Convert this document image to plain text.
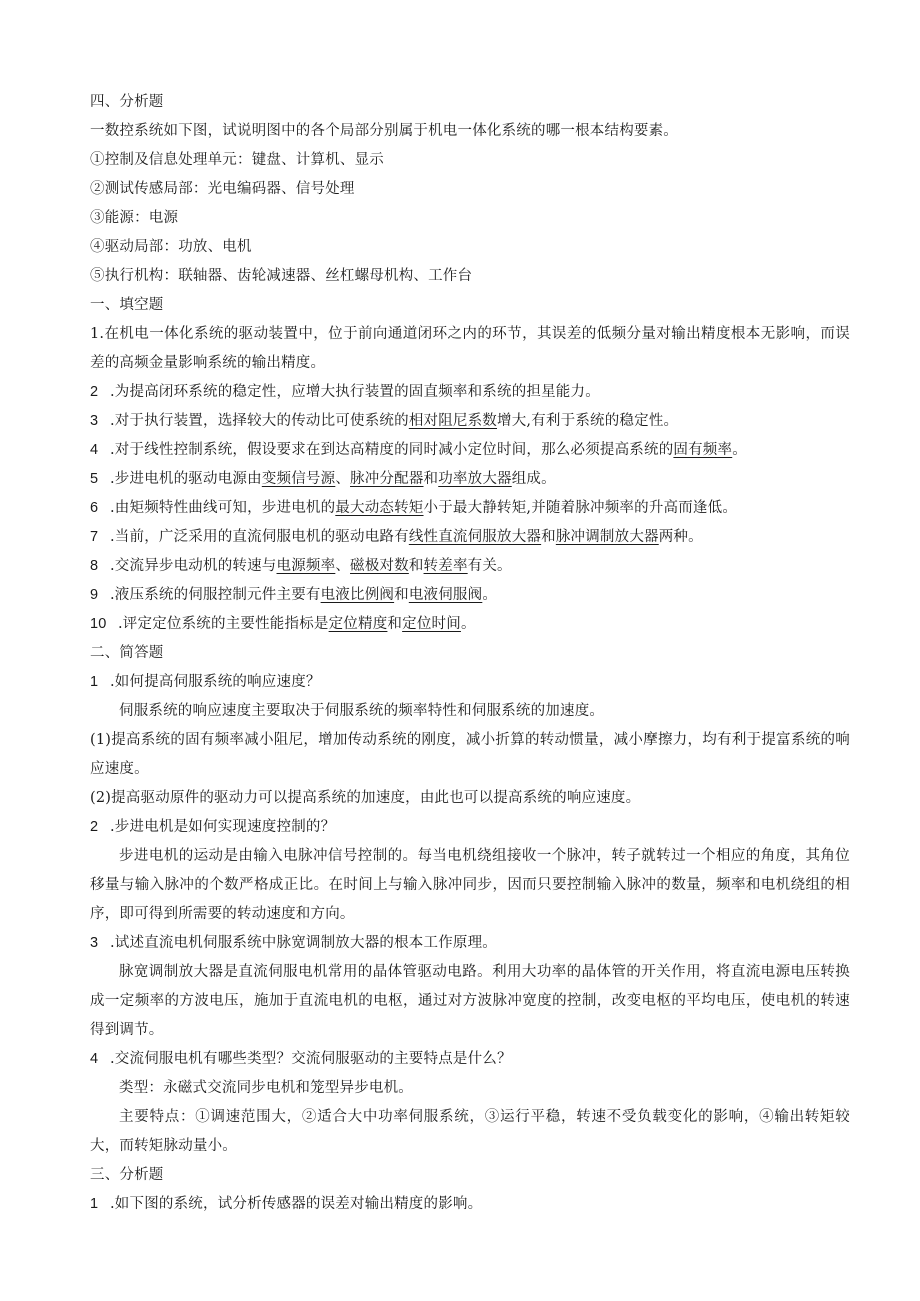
四、分析题
一数控系统如下图，试说明图中的各个局部分别属于机电一体化系统的哪一根本结构要素。
①控制及信息处理单元：键盘、计算机、显示
②测试传感局部：光电编码器、信号处理
③能源：电源
④驱动局部：功放、电机
⑤执行机构：联轴器、齿轮减速器、丝杠螺母机构、工作台
一、填空题
1.在机电一体化系统的驱动装置中，位于前向通道闭环之内的环节，其误差的低频分量对输出精度根本无影响，而误差的高频金量影响系统的输出精度。
2 .为提高闭环系统的稳定性，应增大执行装置的固直频率和系统的担星能力。
3 .对于执行装置，选择较大的传动比可使系统的相对阻尼系数增大,有利于系统的稳定性。
4 .对于线性控制系统，假设要求在到达高精度的同时减小定位时间，那么必须提高系统的固有频率。
5 .步进电机的驱动电源由变频信号源、脉冲分配器和功率放大器组成。
6 .由矩频特性曲线可知，步进电机的最大动态转矩小于最大静转矩,并随着脉冲频率的升高而逢低。
7 .当前，广泛采用的直流伺服电机的驱动电路有线性直流伺服放大器和脉冲调制放大器两种。
8 .交流异步电动机的转速与电源频率、磁极对数和转差率有关。
9 .液压系统的伺服控制元件主要有电液比例阀和电液伺服阀。
10 .评定定位系统的主要性能指标是定位精度和定位时间。
二、简答题
1 .如何提高伺服系统的响应速度？
伺服系统的响应速度主要取决于伺服系统的频率特性和伺服系统的加速度。
(1)提高系统的固有频率减小阻尼，增加传动系统的刚度，减小折算的转动惯量，减小摩擦力，均有利于提富系统的响应速度。
(2)提高驱动原件的驱动力可以提高系统的加速度，由此也可以提高系统的响应速度。
2 .步进电机是如何实现速度控制的？
步进电机的运动是由输入电脉冲信号控制的。每当电机绕组接收一个脉冲，转子就转过一个相应的角度，其角位移量与输入脉冲的个数严格成正比。在时间上与输入脉冲同步，因而只要控制输入脉冲的数量，频率和电机绕组的相序，即可得到所需要的转动速度和方向。
3 .试述直流电机伺服系统中脉宽调制放大器的根本工作原理。
脉宽调制放大器是直流伺服电机常用的晶体管驱动电路。利用大功率的晶体管的开关作用，将直流电源电压转换成一定频率的方波电压，施加于直流电机的电枢，通过对方波脉冲宽度的控制，改变电枢的平均电压，使电机的转速得到调节。
4 .交流伺服电机有哪些类型？交流伺服驱动的主要特点是什么？
类型：永磁式交流同步电机和笼型异步电机。
主要特点：①调速范围大，②适合大中功率伺服系统，③运行平稳，转速不受负载变化的影响，④输出转矩较大，而转矩脉动量小。
三、分析题
1 .如下图的系统，试分析传感器的误差对输出精度的影响。
